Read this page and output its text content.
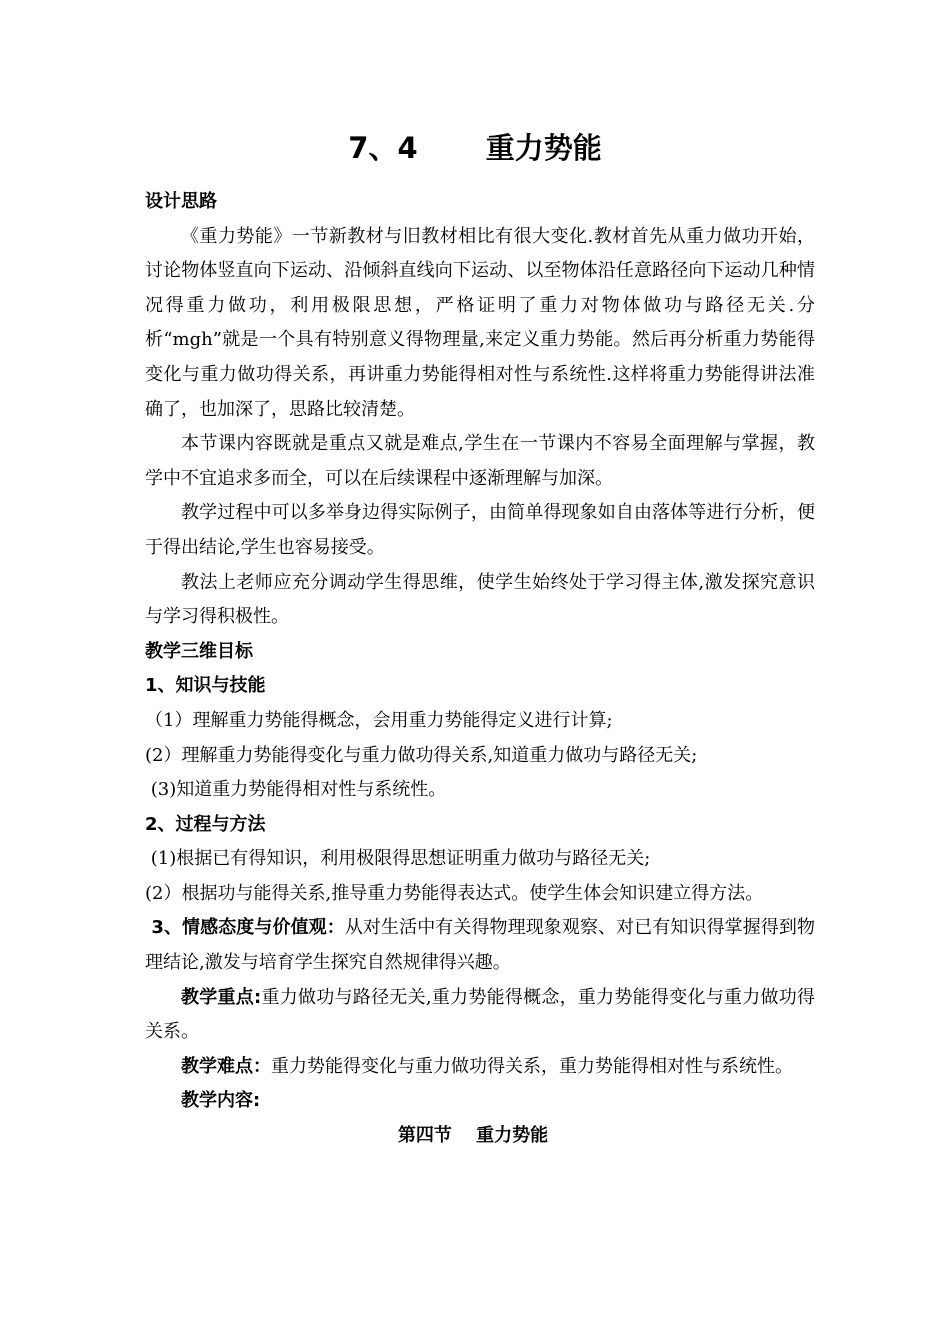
7、4　　 重力势能

设计思路

《重力势能》一节新教材与旧教材相比有很大变化.教材首先从重力做功开始，讨论物体竖直向下运动、沿倾斜直线向下运动、以至物体沿任意路径向下运动几种情况得重力做功，利用极限思想，严格证明了重力对物体做功与路径无关.分析“mgh”就是一个具有特别意义得物理量,来定义重力势能。然后再分析重力势能得变化与重力做功得关系，再讲重力势能得相对性与系统性.这样将重力势能得讲法准确了，也加深了，思路比较清楚。

本节课内容既就是重点又就是难点,学生在一节课内不容易全面理解与掌握，教学中不宜追求多而全，可以在后续课程中逐渐理解与加深。

教学过程中可以多举身边得实际例子，由简单得现象如自由落体等进行分析，便于得出结论,学生也容易接受。

教法上老师应充分调动学生得思维，使学生始终处于学习得主体,激发探究意识与学习得积极性。

教学三维目标

1、知识与技能

（1）理解重力势能得概念，会用重力势能得定义进行计算;

(2）理解重力势能得变化与重力做功得关系,知道重力做功与路径无关;

(3)知道重力势能得相对性与系统性。

2、过程与方法

(1)根据已有得知识，利用极限得思想证明重力做功与路径无关;

(2）根据功与能得关系,推导重力势能得表达式。使学生体会知识建立得方法。

3、情感态度与价值观：从对生活中有关得物理现象观察、对已有知识得掌握得到物理结论,激发与培育学生探究自然规律得兴趣。

教学重点:重力做功与路径无关,重力势能得概念，重力势能得变化与重力做功得关系。

教学难点：重力势能得变化与重力做功得关系，重力势能得相对性与系统性。

教学内容:

第四节　 重力势能
